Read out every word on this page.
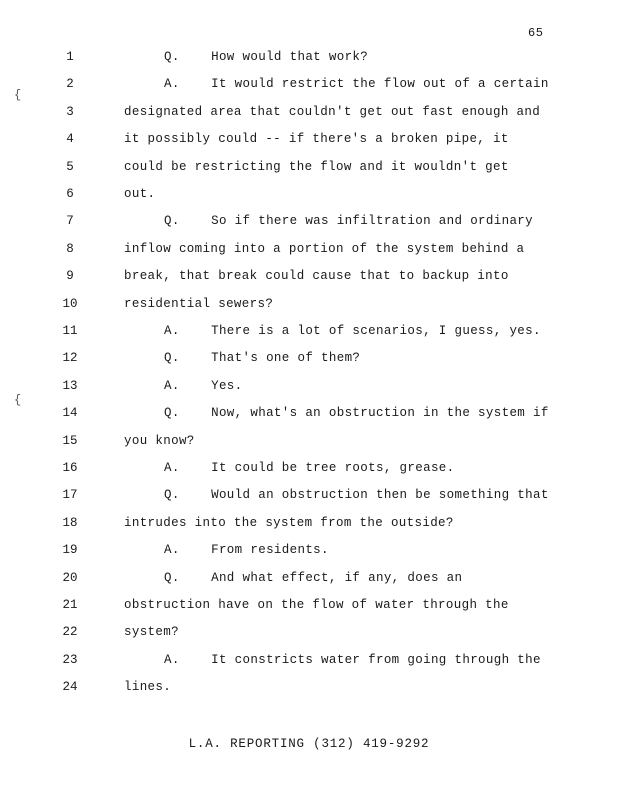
65
1	Q.    How would that work?
2	A.    It would restrict the flow out of a certain
3	designated area that couldn't get out fast enough and
4	it possibly could -- if there's a broken pipe, it
5	could be restricting the flow and it wouldn't get
6	out.
7	Q.    So if there was infiltration and ordinary
8	inflow coming into a portion of the system behind a
9	break, that break could cause that to backup into
10	residential sewers?
11	A.    There is a lot of scenarios, I guess, yes.
12	Q.    That's one of them?
13	A.    Yes.
14	Q.    Now, what's an obstruction in the system if
15	you know?
16	A.    It could be tree roots, grease.
17	Q.    Would an obstruction then be something that
18	intrudes into the system from the outside?
19	A.    From residents.
20	Q.    And what effect, if any, does an
21	obstruction have on the flow of water through the
22	system?
23	A.    It constricts water from going through the
24	lines.
{
{
L.A. REPORTING (312) 419-9292
